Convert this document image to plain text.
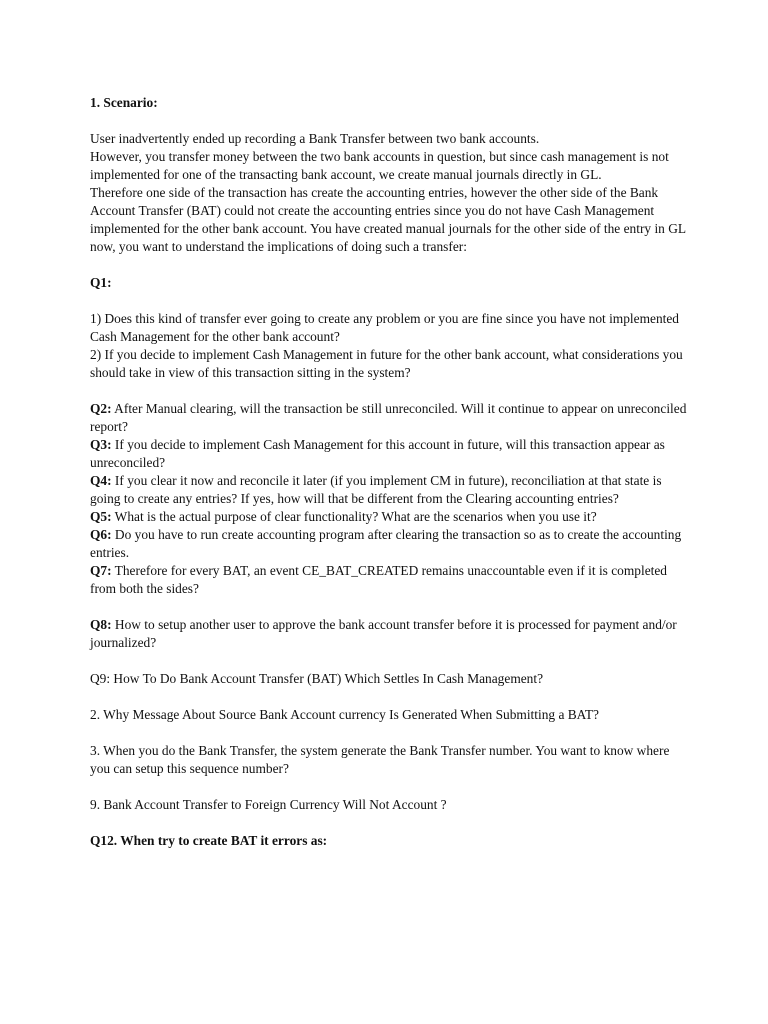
1. Scenario:

User inadvertently ended up recording a Bank Transfer between two bank accounts.

However, you transfer money between the two bank accounts in question, but since cash management is not implemented for one of the transacting bank account, we create manual journals directly in GL.

Therefore one side of the transaction has create the accounting entries, however the other side of the Bank Account Transfer (BAT) could not create the accounting entries since you do not have Cash Management implemented for the other bank account. You have created manual journals for the other side of the entry in GL now, you want to understand the implications of doing such a transfer:

Q1:

1) Does this kind of transfer ever going to create any problem or you are fine since you have not implemented Cash Management for the other bank account?

2) If you decide to implement Cash Management in future for the other bank account, what considerations you should take in view of this transaction sitting in the system?

Q2: After Manual clearing, will the transaction be still unreconciled. Will it continue to appear on unreconciled report?

Q3: If you decide to implement Cash Management for this account in future, will this transaction appear as unreconciled?

Q4: If you clear it now and reconcile it later (if you implement CM in future), reconciliation at that state is going to create any entries? If yes, how will that be different from the Clearing accounting entries?

Q5: What is the actual purpose of clear functionality? What are the scenarios when you use it?

Q6: Do you have to run create accounting program after clearing the transaction so as to create the accounting entries.

Q7: Therefore for every BAT, an event CE_BAT_CREATED remains unaccountable even if it is completed from both the sides?

Q8: How to setup another user to approve the bank account transfer before it is processed for payment and/or journalized?

Q9: How To Do Bank Account Transfer (BAT) Which Settles In Cash Management?

2. Why Message About Source Bank Account currency Is Generated When Submitting a BAT?

3. When you do the Bank Transfer, the system generate the Bank Transfer number. You want to know where you can setup this sequence number?

9. Bank Account Transfer to Foreign Currency Will Not Account ?

Q12. When try to create BAT it errors as:
